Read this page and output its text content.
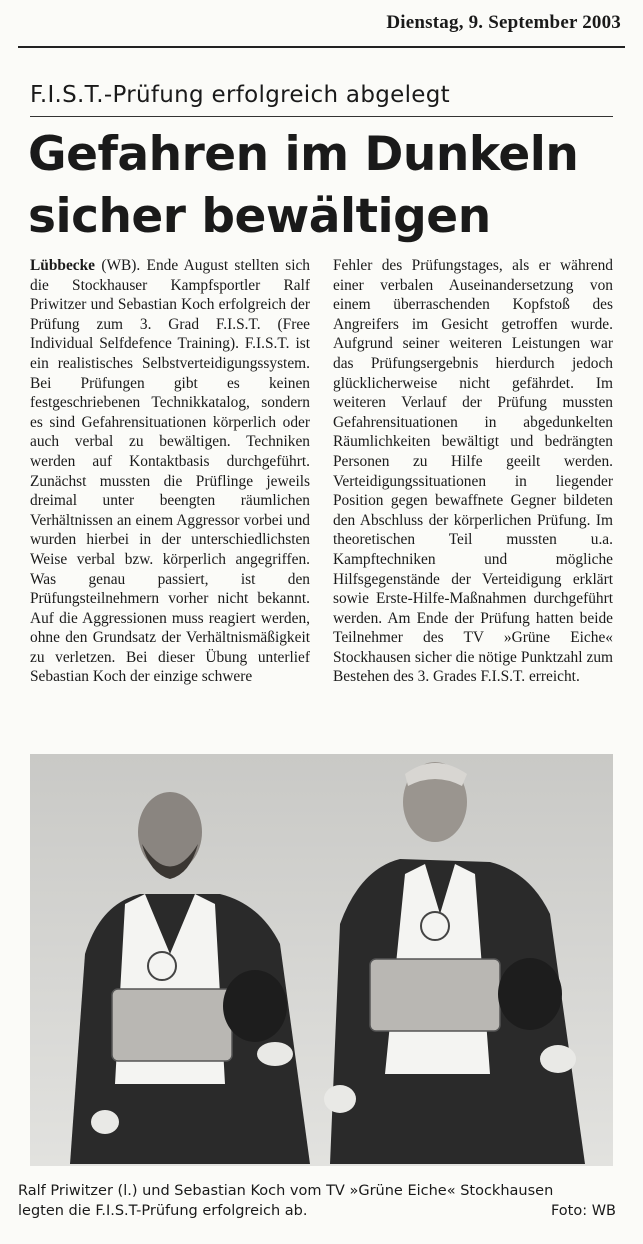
Dienstag, 9. September 2003
F.I.S.T.-Prüfung erfolgreich abgelegt
Gefahren im Dunkeln
sicher bewältigen
Lübbecke (WB). Ende August stellten sich die Stockhauser Kampfsportler Ralf Priwitzer und Sebastian Koch erfolgreich der Prüfung zum 3. Grad F.I.S.T. (Free Individual Selfdefence Training). F.I.S.T. ist ein realistisches Selbstverteidigungssystem. Bei Prüfungen gibt es keinen festgeschriebenen Technikkatalog, sondern es sind Gefahrensituationen körperlich oder auch verbal zu bewältigen. Techniken werden auf Kontaktbasis durchgeführt. Zunächst mussten die Prüflinge jeweils dreimal unter beengten räumlichen Verhältnissen an einem Aggressor vorbei und wurden hierbei in der unterschiedlichsten Weise verbal bzw. körperlich angegriffen. Was genau passiert, ist den Prüfungsteilnehmern vorher nicht bekannt. Auf die Aggressionen muss reagiert werden, ohne den Grundsatz der Verhältnismäßigkeit zu verletzen. Bei dieser Übung unterlief Sebastian Koch der einzige schwere
Fehler des Prüfungstages, als er während einer verbalen Auseinandersetzung von einem überraschenden Kopfstoß des Angreifers im Gesicht getroffen wurde. Aufgrund seiner weiteren Leistungen war das Prüfungsergebnis hierdurch jedoch glücklicherweise nicht gefährdet. Im weiteren Verlauf der Prüfung mussten Gefahrensituationen in abgedunkelten Räumlichkeiten bewältigt und bedrängten Personen zu Hilfe geeilt werden. Verteidigungssituationen in liegender Position gegen bewaffnete Gegner bildeten den Abschluss der körperlichen Prüfung. Im theoretischen Teil mussten u.a. Kampftechniken und mögliche Hilfsgegenstände der Verteidigung erklärt sowie Erste-Hilfe-Maßnahmen durchgeführt werden. Am Ende der Prüfung hatten beide Teilnehmer des TV »Grüne Eiche« Stockhausen sicher die nötige Punktzahl zum Bestehen des 3. Grades F.I.S.T. erreicht.
Ralf Priwitzer (l.) und Sebastian Koch vom TV »Grüne Eiche« Stockhausen
legten die F.I.S.T-Prüfung erfolgreich ab.	Foto: WB
